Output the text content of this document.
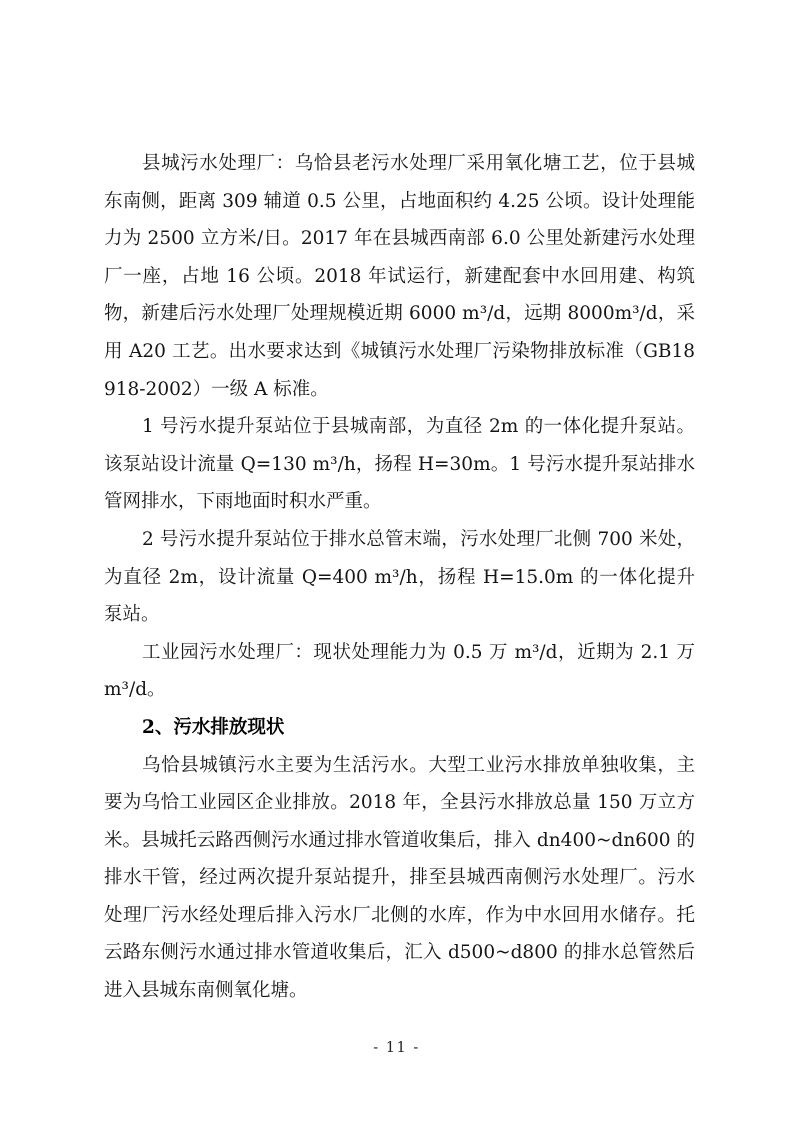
县城污水处理厂：乌恰县老污水处理厂采用氧化塘工艺，位于县城东南侧，距离 309 辅道 0.5 公里，占地面积约 4.25 公顷。设计处理能力为 2500 立方米/日。2017 年在县城西南部 6.0 公里处新建污水处理厂一座，占地 16 公顷。2018 年试运行，新建配套中水回用建、构筑物，新建后污水处理厂处理规模近期 6000 m³/d，远期 8000m³/d，采用 A20 工艺。出水要求达到《城镇污水处理厂污染物排放标准（GB18918-2002）一级 A 标准。

1 号污水提升泵站位于县城南部，为直径 2m 的一体化提升泵站。该泵站设计流量 Q=130 m³/h，扬程 H=30m。1 号污水提升泵站排水管网排水，下雨地面时积水严重。

2 号污水提升泵站位于排水总管末端，污水处理厂北侧 700 米处，为直径 2m，设计流量 Q=400 m³/h，扬程 H=15.0m 的一体化提升泵站。

工业园污水处理厂：现状处理能力为 0.5 万 m³/d，近期为 2.1 万 m³/d。

2、污水排放现状

乌恰县城镇污水主要为生活污水。大型工业污水排放单独收集，主要为乌恰工业园区企业排放。2018 年，全县污水排放总量 150 万立方米。县城托云路西侧污水通过排水管道收集后，排入 dn400~dn600 的排水干管，经过两次提升泵站提升，排至县城西南侧污水处理厂。污水处理厂污水经处理后排入污水厂北侧的水库，作为中水回用水储存。托云路东侧污水通过排水管道收集后，汇入 d500~d800 的排水总管然后进入县城东南侧氧化塘。

- 11 -
